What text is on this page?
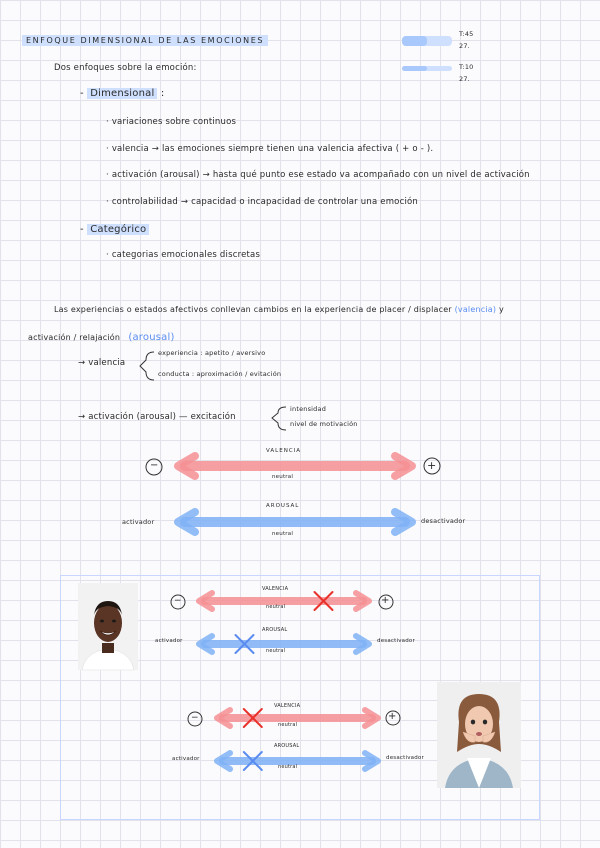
ENFOQUE DIMENSIONAL DE LAS EMOCIONES
T:45
27.
T:10
27.
Dos enfoques sobre la emoción:
- Dimensional :
· variaciones sobre continuos
· valencia → las emociones siempre tienen una valencia afectiva ( + o - ).
· activación (arousal) → hasta qué punto ese estado va acompañado con un nivel de activación
· controlabilidad → capacidad o incapacidad de controlar una emoción
- Categórico
· categorias emocionales discretas
Las experiencias o estados afectivos conllevan cambios en la experiencia de placer / displacer (valencia) y
activación / relajación (arousal)
→ valencia
experiencia : apetito / aversivo
conducta : aproximación / evitación
→ activación (arousal) — excitación
intensidad
nivel de motivación
−	+
VALENCIA
neutral
AROUSAL
neutral
activador	desactivador
−	+
VALENCIA
neutral
AROUSAL
neutral
activador	desactivador
−	+
VALENCIA
neutral
AROUSAL
neutral
activador	desactivador
